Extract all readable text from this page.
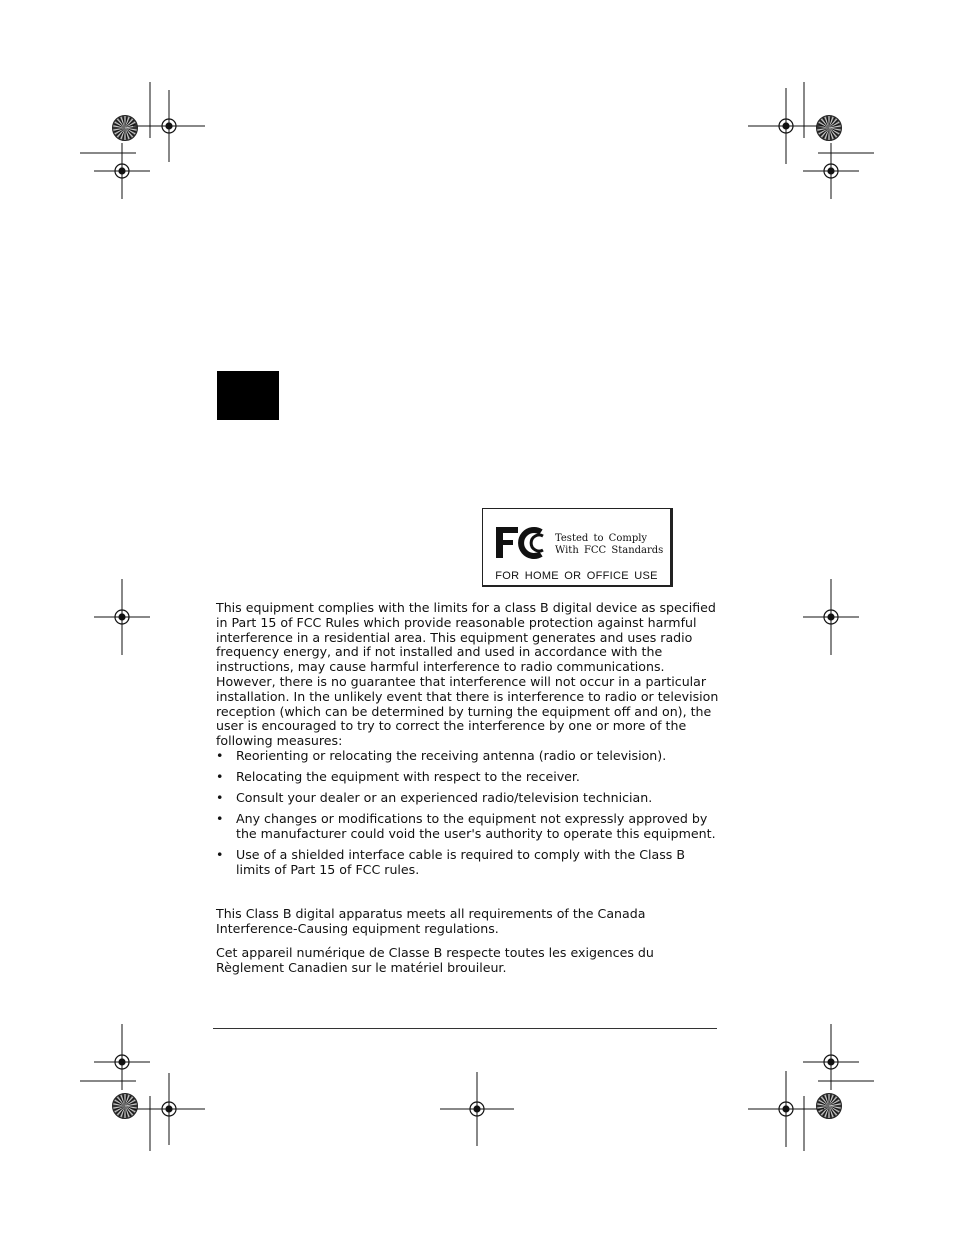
Tested to Comply
With FCC Standards
FOR HOME OR OFFICE USE

This equipment complies with the limits for a class B digital device as specified in Part 15 of FCC Rules which provide reasonable protection against harmful interference in a residential area. This equipment generates and uses radio frequency energy, and if not installed and used in accordance with the instructions, may cause harmful interference to radio communications. However, there is no guarantee that interference will not occur in a particular installation. In the unlikely event that there is interference to radio or television reception (which can be determined by turning the equipment off and on), the user is encouraged to try to correct the interference by one or more of the following measures:

• Reorienting or relocating the receiving antenna (radio or television).
• Relocating the equipment with respect to the receiver.
• Consult your dealer or an experienced radio/television technician.
• Any changes or modifications to the equipment not expressly approved by the manufacturer could void the user's authority to operate this equipment.
• Use of a shielded interface cable is required to comply with the Class B limits of Part 15 of FCC rules.

This Class B digital apparatus meets all requirements of the Canada Interference-Causing equipment regulations.

Cet appareil numérique de Classe B respecte toutes les exigences du Règlement Canadien sur le matériel brouileur.
